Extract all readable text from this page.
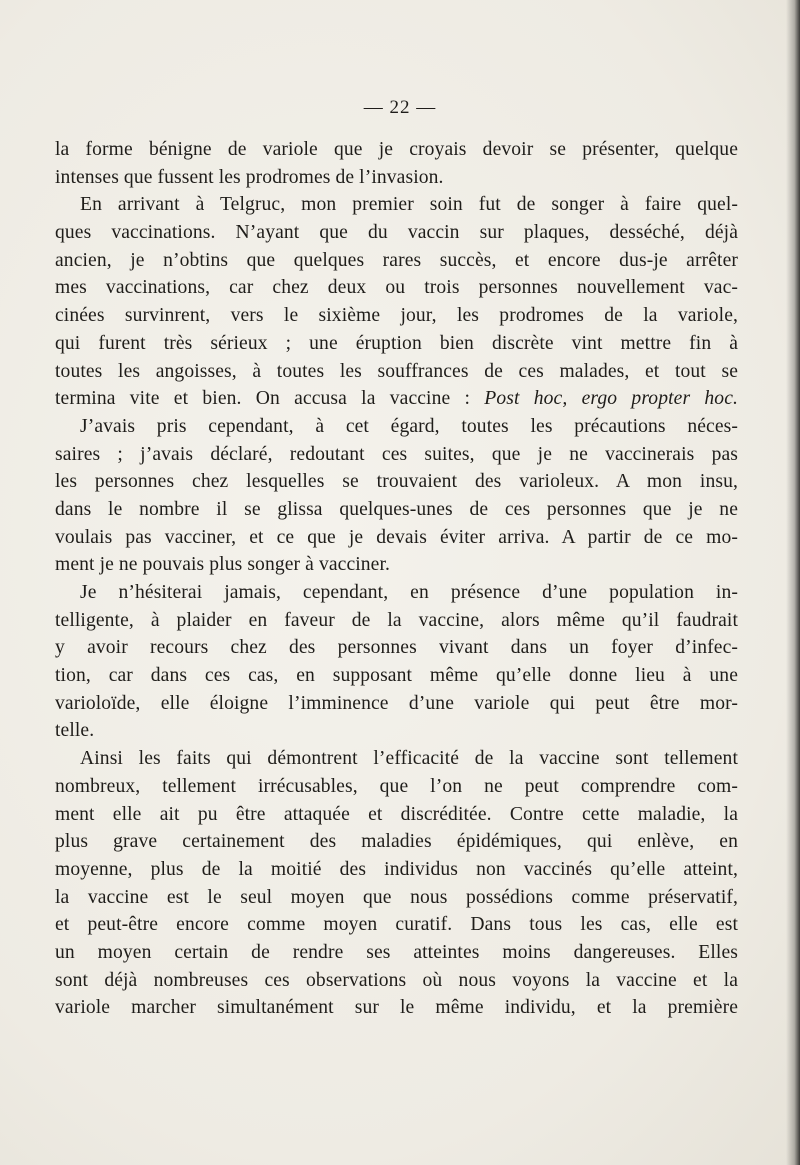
— 22 —
la forme bénigne de variole que je croyais devoir se présenter, quelque
intenses que fussent les prodromes de l’invasion.
En arrivant à Telgruc, mon premier soin fut de songer à faire quel-
ques vaccinations. N’ayant que du vaccin sur plaques, desséché, déjà
ancien, je n’obtins que quelques rares succès, et encore dus-je arrêter
mes vaccinations, car chez deux ou trois personnes nouvellement vac-
cinées survinrent, vers le sixième jour, les prodromes de la variole,
qui furent très sérieux ; une éruption bien discrète vint mettre fin à
toutes les angoisses, à toutes les souffrances de ces malades, et tout se
termina vite et bien. On accusa la vaccine : Post hoc, ergo propter hoc.
J’avais pris cependant, à cet égard, toutes les précautions néces-
saires ; j’avais déclaré, redoutant ces suites, que je ne vaccinerais pas
les personnes chez lesquelles se trouvaient des varioleux. A mon insu,
dans le nombre il se glissa quelques-unes de ces personnes que je ne
voulais pas vacciner, et ce que je devais éviter arriva. A partir de ce mo-
ment je ne pouvais plus songer à vacciner.
Je n’hésiterai jamais, cependant, en présence d’une population in-
telligente, à plaider en faveur de la vaccine, alors même qu’il faudrait
y avoir recours chez des personnes vivant dans un foyer d’infec-
tion, car dans ces cas, en supposant même qu’elle donne lieu à une
varioloïde, elle éloigne l’imminence d’une variole qui peut être mor-
telle.
Ainsi les faits qui démontrent l’efficacité de la vaccine sont tellement
nombreux, tellement irrécusables, que l’on ne peut comprendre com-
ment elle ait pu être attaquée et discréditée. Contre cette maladie, la
plus grave certainement des maladies épidémiques, qui enlève, en
moyenne, plus de la moitié des individus non vaccinés qu’elle atteint,
la vaccine est le seul moyen que nous possédions comme préservatif,
et peut-être encore comme moyen curatif. Dans tous les cas, elle est
un moyen certain de rendre ses atteintes moins dangereuses. Elles
sont déjà nombreuses ces observations où nous voyons la vaccine et la
variole marcher simultanément sur le même individu, et la première
